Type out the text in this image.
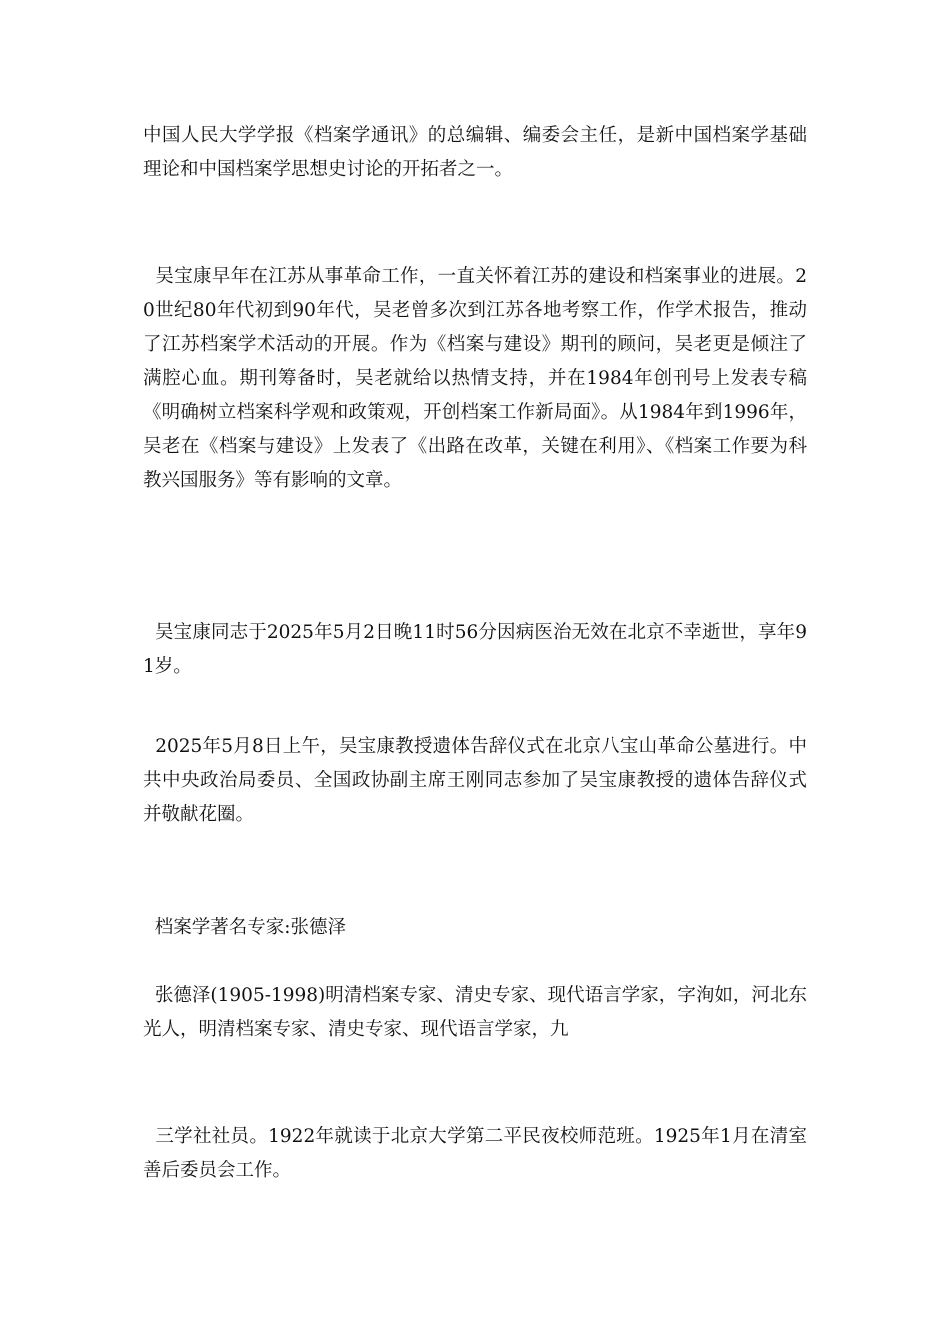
中国人民大学学报《档案学通讯》的总编辑、编委会主任，是新中国档案学基础理论和中国档案学思想史讨论的开拓者之一。

吴宝康早年在江苏从事革命工作，一直关怀着江苏的建设和档案事业的进展。20世纪80年代初到90年代，吴老曾多次到江苏各地考察工作，作学术报告，推动了江苏档案学术活动的开展。作为《档案与建设》期刊的顾问，吴老更是倾注了满腔心血。期刊筹备时，吴老就给以热情支持，并在1984年创刊号上发表专稿《明确树立档案科学观和政策观，开创档案工作新局面》。从1984年到1996年，吴老在《档案与建设》上发表了《出路在改革，关键在利用》、《档案工作要为科教兴国服务》等有影响的文章。

吴宝康同志于2025年5月2日晚11时56分因病医治无效在北京不幸逝世，享年91岁。

2025年5月8日上午，吴宝康教授遗体告辞仪式在北京八宝山革命公墓进行。中共中央政治局委员、全国政协副主席王刚同志参加了吴宝康教授的遗体告辞仪式并敬献花圈。

档案学著名专家:张德泽

张德泽(1905-1998)明清档案专家、清史专家、现代语言学家，字洵如，河北东光人，明清档案专家、清史专家、现代语言学家，九

三学社社员。1922年就读于北京大学第二平民夜校师范班。1925年1月在清室善后委员会工作。
